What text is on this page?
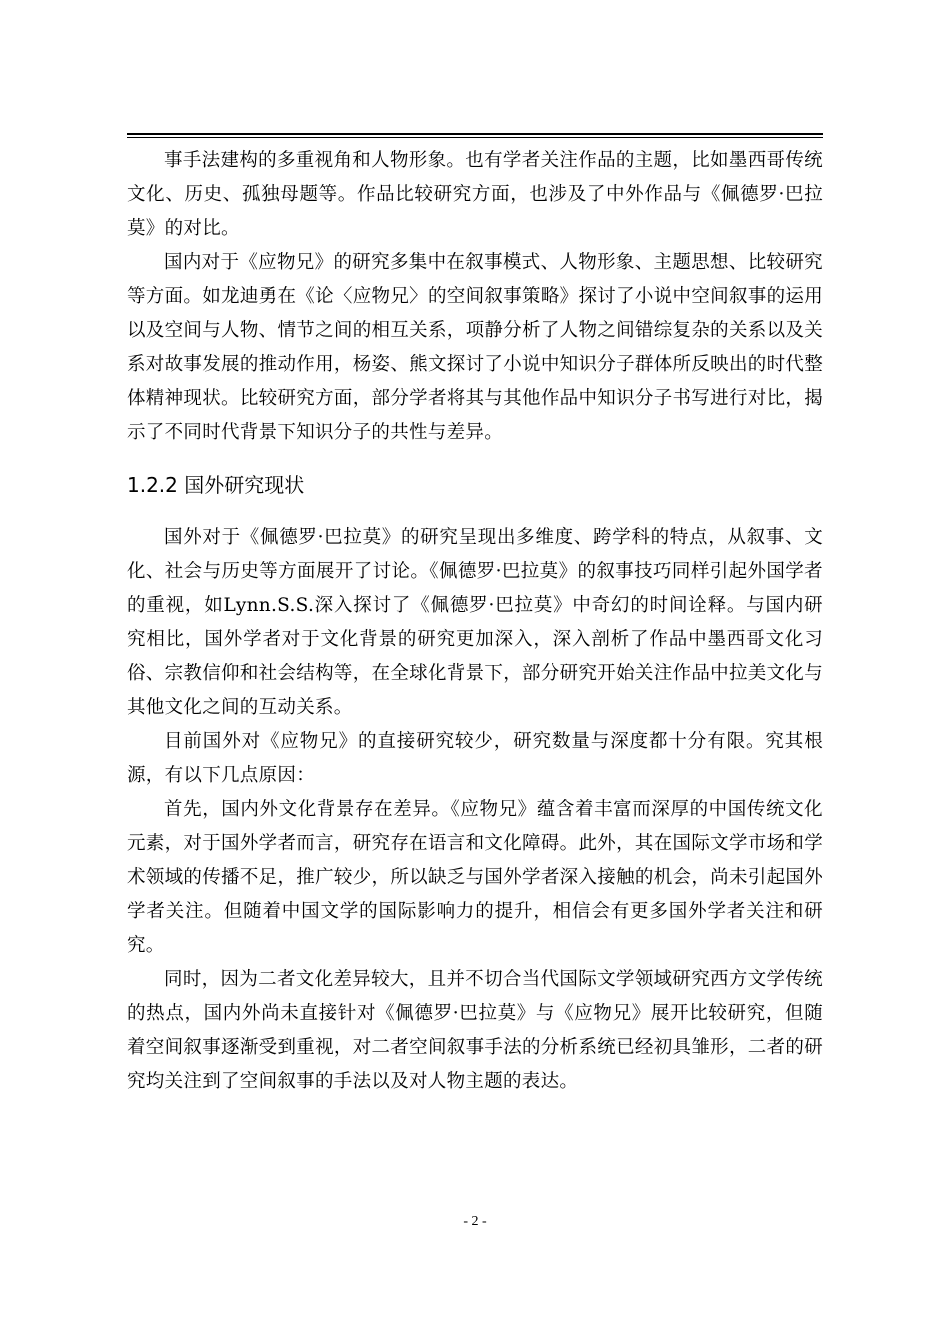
事手法建构的多重视角和人物形象。也有学者关注作品的主题，比如墨西哥传统文化、历史、孤独母题等。作品比较研究方面，也涉及了中外作品与《佩德罗·巴拉莫》的对比。

国内对于《应物兄》的研究多集中在叙事模式、人物形象、主题思想、比较研究等方面。如龙迪勇在《论〈应物兄〉的空间叙事策略》探讨了小说中空间叙事的运用以及空间与人物、情节之间的相互关系，项静分析了人物之间错综复杂的关系以及关系对故事发展的推动作用，杨姿、熊文探讨了小说中知识分子群体所反映出的时代整体精神现状。比较研究方面，部分学者将其与其他作品中知识分子书写进行对比，揭示了不同时代背景下知识分子的共性与差异。

1.2.2 国外研究现状

国外对于《佩德罗·巴拉莫》的研究呈现出多维度、跨学科的特点，从叙事、文化、社会与历史等方面展开了讨论。《佩德罗·巴拉莫》的叙事技巧同样引起外国学者的重视，如Lynn.S.S.深入探讨了《佩德罗·巴拉莫》中奇幻的时间诠释。与国内研究相比，国外学者对于文化背景的研究更加深入，深入剖析了作品中墨西哥文化习俗、宗教信仰和社会结构等，在全球化背景下，部分研究开始关注作品中拉美文化与其他文化之间的互动关系。

目前国外对《应物兄》的直接研究较少，研究数量与深度都十分有限。究其根源，有以下几点原因：

首先，国内外文化背景存在差异。《应物兄》蕴含着丰富而深厚的中国传统文化元素，对于国外学者而言，研究存在语言和文化障碍。此外，其在国际文学市场和学术领域的传播不足，推广较少，所以缺乏与国外学者深入接触的机会，尚未引起国外学者关注。但随着中国文学的国际影响力的提升，相信会有更多国外学者关注和研究。

同时，因为二者文化差异较大，且并不切合当代国际文学领域研究西方文学传统的热点，国内外尚未直接针对《佩德罗·巴拉莫》与《应物兄》展开比较研究，但随着空间叙事逐渐受到重视，对二者空间叙事手法的分析系统已经初具雏形，二者的研究均关注到了空间叙事的手法以及对人物主题的表达。

- 2 -
